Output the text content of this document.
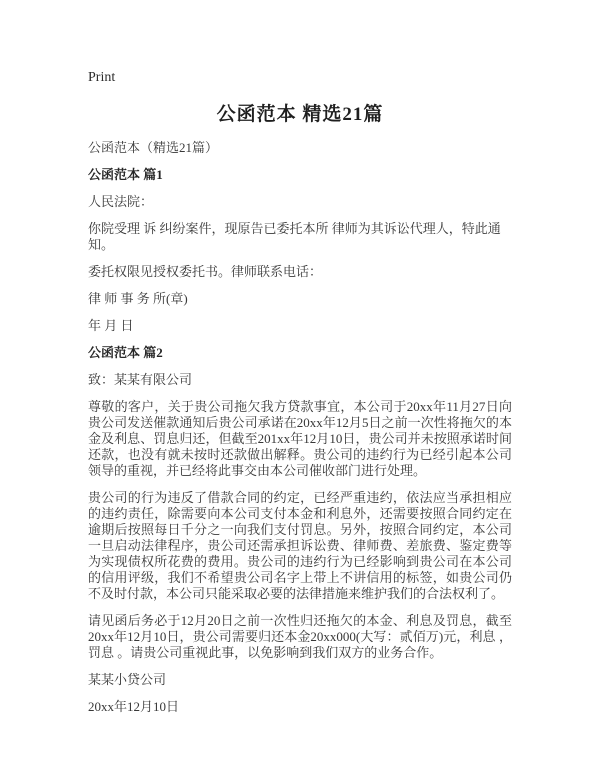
Print
公函范本 精选21篇

公函范本（精选21篇）

公函范本 篇1

人民法院：

你院受理 诉 纠纷案件，现原告已委托本所 律师为其诉讼代理人，特此通知。

委托权限见授权委托书。律师联系电话：

律 师 事 务 所(章)

年 月 日

公函范本 篇2

致：某某有限公司

尊敬的客户，关于贵公司拖欠我方贷款事宜，本公司于20xx年11月27日向贵公司发送催款通知后贵公司承诺在20xx年12月5日之前一次性将拖欠的本金及利息、罚息归还，但截至201xx年12月10日，贵公司并未按照承诺时间还款，也没有就未按时还款做出解释。贵公司的违约行为已经引起本公司领导的重视，并已经将此事交由本公司催收部门进行处理。

贵公司的行为违反了借款合同的约定，已经严重违约，依法应当承担相应的违约责任，除需要向本公司支付本金和利息外，还需要按照合同约定在逾期后按照每日千分之一向我们支付罚息。另外，按照合同约定，本公司一旦启动法律程序，贵公司还需承担诉讼费、律师费、差旅费、鉴定费等为实现债权所花费的费用。贵公司的违约行为已经影响到贵公司在本公司的信用评级，我们不希望贵公司名字上带上不讲信用的标签，如贵公司仍不及时付款，本公司只能采取必要的法律措施来维护我们的合法权利了。

请见函后务必于12月20日之前一次性归还拖欠的本金、利息及罚息，截至20xx年12月10日，贵公司需要归还本金20xx000(大写：贰佰万)元，利息 ，罚息 。请贵公司重视此事，以免影响到我们双方的业务合作。

某某小贷公司

20xx年12月10日
